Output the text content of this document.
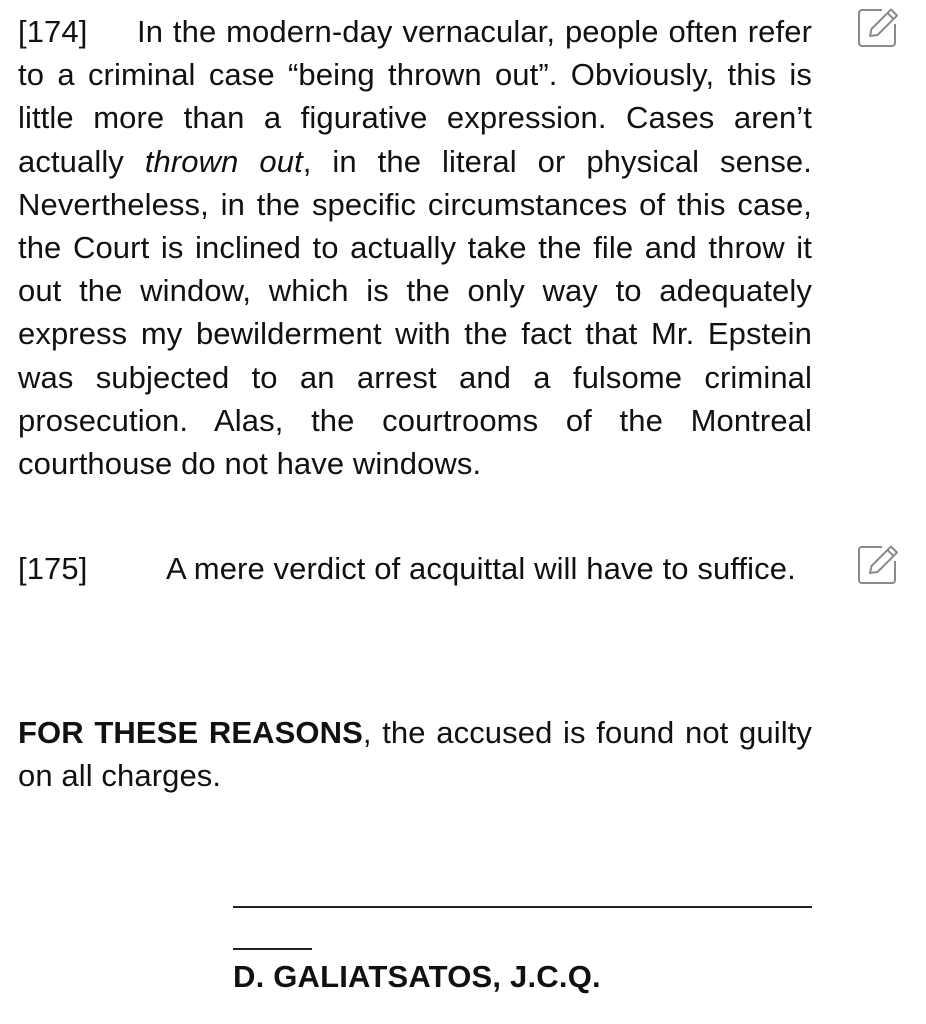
[174] In the modern-day vernacular, people often refer to a criminal case “being thrown out”. Obviously, this is little more than a figurative expression. Cases aren’t actually thrown out, in the literal or physical sense. Nevertheless, in the specific circumstances of this case, the Court is inclined to actually take the file and throw it out the window, which is the only way to adequately express my bewilderment with the fact that Mr. Epstein was subjected to an arrest and a fulsome criminal prosecution. Alas, the courtrooms of the Montreal courthouse do not have windows.
[175]	A mere verdict of acquittal will have to suffice.
FOR THESE REASONS, the accused is found not guilty on all charges.
D. GALIATSATOS, J.C.Q.
